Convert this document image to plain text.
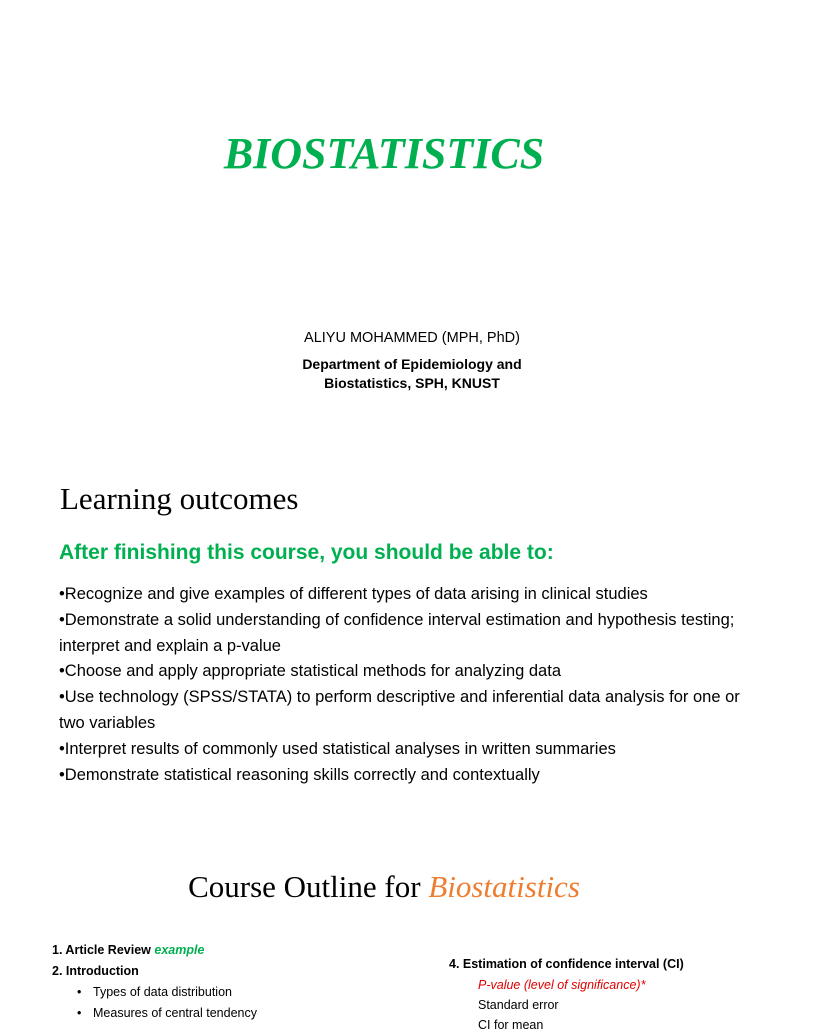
BIOSTATISTICS

ALIYU MOHAMMED (MPH, PhD)

Department of Epidemiology and
Biostatistics, SPH, KNUST

Learning outcomes

After finishing this course, you should be able to:

•Recognize and give examples of different types of data arising in clinical studies
•Demonstrate a solid understanding of confidence interval estimation and hypothesis testing; interpret and explain a p-value
•Choose and apply appropriate statistical methods for analyzing data
•Use technology (SPSS/STATA) to perform descriptive and inferential data analysis for one or two variables
•Interpret results of commonly used statistical analyses in written summaries
•Demonstrate statistical reasoning skills correctly and contextually
Course Outline for Biostatistics
1. Article Review example
2. Introduction
• Types of data distribution
• Measures of central tendency
4. Estimation of confidence interval (CI)
P-value (level of significance)*
Standard error
CI for mean
